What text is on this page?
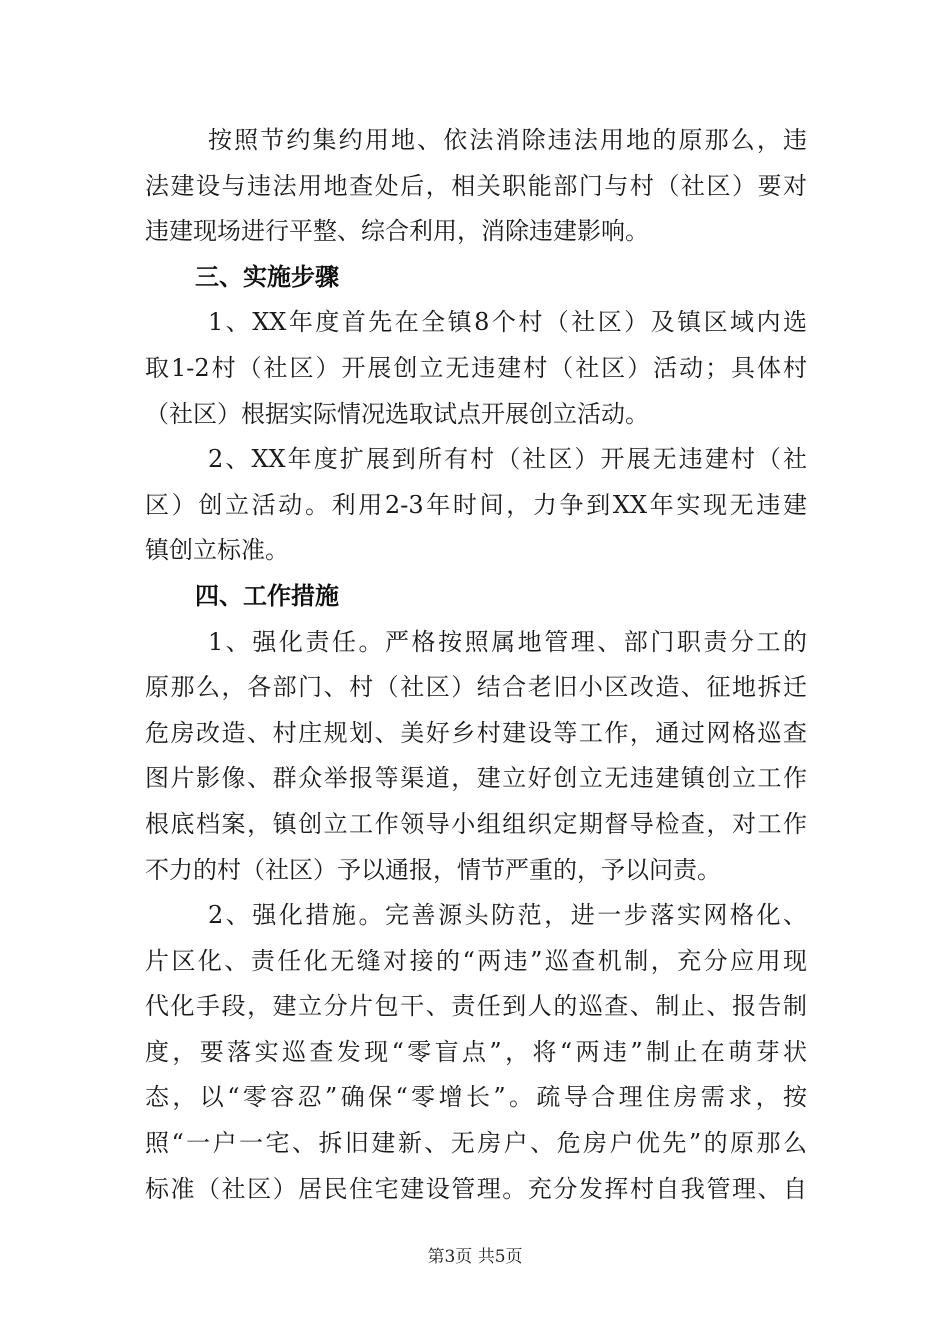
按照节约集约用地、依法消除违法用地的原那么，违
法建设与违法用地查处后，相关职能部门与村（社区）要对
违建现场进行平整、综合利用，消除违建影响。
三、实施步骤
1、XX年度首先在全镇8个村（社区）及镇区域内选
取1-2村（社区）开展创立无违建村（社区）活动；具体村
（社区）根据实际情况选取试点开展创立活动。
2、XX年度扩展到所有村（社区）开展无违建村（社
区）创立活动。利用2-3年时间，力争到XX年实现无违建
镇创立标准。
四、工作措施
1、强化责任。严格按照属地管理、部门职责分工的
原那么，各部门、村（社区）结合老旧小区改造、征地拆迁
危房改造、村庄规划、美好乡村建设等工作，通过网格巡查
图片影像、群众举报等渠道，建立好创立无违建镇创立工作
根底档案，镇创立工作领导小组组织定期督导检查，对工作
不力的村（社区）予以通报，情节严重的，予以问责。
2、强化措施。完善源头防范，进一步落实网格化、
片区化、责任化无缝对接的“两违”巡查机制，充分应用现
代化手段，建立分片包干、责任到人的巡查、制止、报告制
度，要落实巡查发现“零盲点”，将“两违”制止在萌芽状
态，以“零容忍”确保“零增长”。疏导合理住房需求，按
照“一户一宅、拆旧建新、无房户、危房户优先”的原那么
标准（社区）居民住宅建设管理。充分发挥村自我管理、自
第3页 共5页
